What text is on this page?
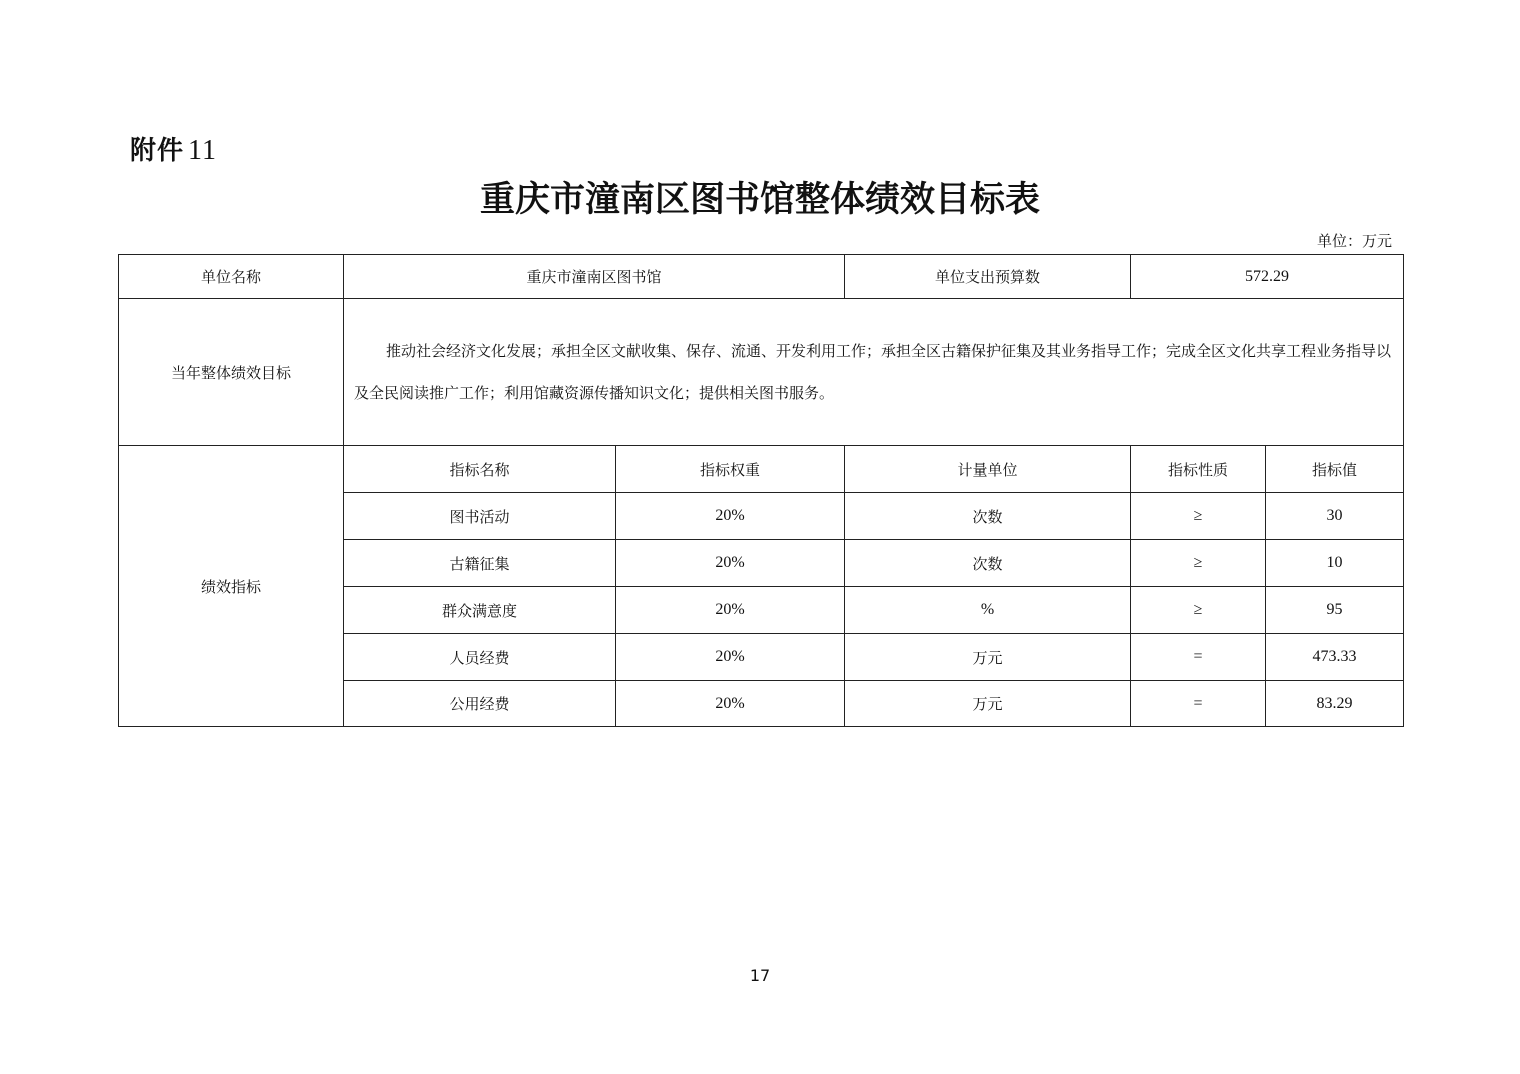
附件 11
重庆市潼南区图书馆整体绩效目标表
单位：万元
单位名称	重庆市潼南区图书馆		单位支出预算数	572.29	
当年整体绩效目标	推动社会经济文化发展；承担全区文献收集、保存、流通、开发利用工作；承担全区古籍保护征集及其业务指导工作；完成全区文化共享工程业务指导以及全民阅读推广工作；利用馆藏资源传播知识文化；提供相关图书服务。				
绩效指标	指标名称	指标权重	计量单位	指标性质	指标值
	图书活动	20%	次数	≥	30
	古籍征集	20%	次数	≥	10
	群众满意度	20%	%	≥	95
	人员经费	20%	万元	=	473.33
	公用经费	20%	万元	=	83.29
17
